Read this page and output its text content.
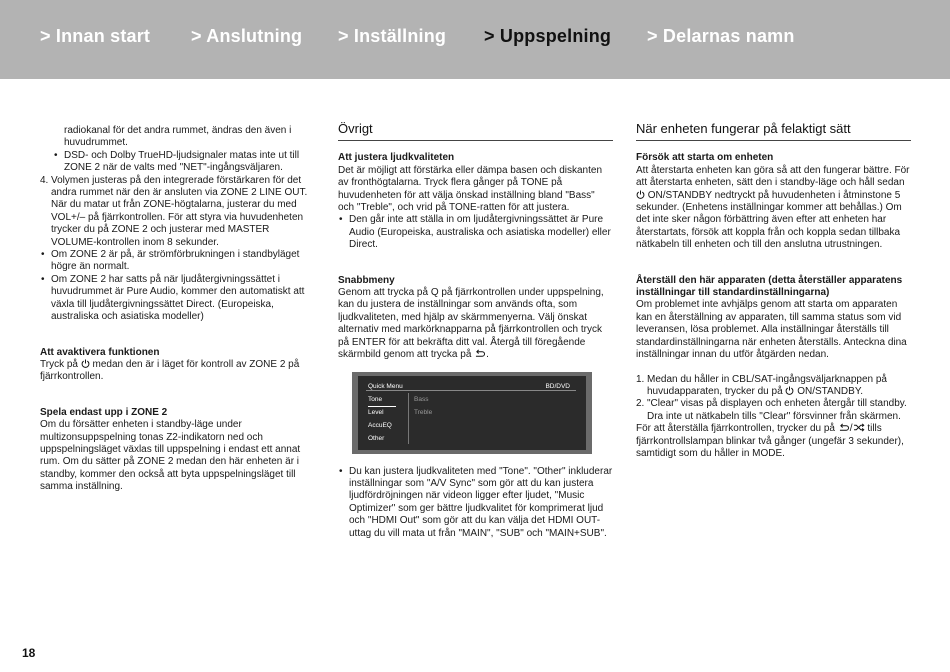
> Innan start > Anslutning > Inställning > Uppspelning > Delarnas namn

radiokanal för det andra rummet, ändras den även i huvudrummet.

• DSD- och Dolby TrueHD-ljudsignaler matas inte ut till ZONE 2 när de valts med "NET"-ingångsväljaren.

4. Volymen justeras på den integrerade förstärkaren för det andra rummet när den är ansluten via ZONE 2 LINE OUT. När du matar ut från ZONE-högtalarna, justerar du med VOL+/– på fjärrkontrollen. För att styra via huvudenheten trycker du på ZONE 2 och justerar med MASTER VOLUME-kontrollen inom 8 sekunder.

• Om ZONE 2 är på, är strömförbrukningen i standbyläget högre än normalt.

• Om ZONE 2 har satts på när ljudåtergivningssättet i huvudrummet är Pure Audio, kommer den automatiskt att växla till ljudåtergivningssättet Direct. (Europeiska, australiska och asiatiska modeller)

Att avaktivera funktionen

Tryck på medan den är i läget för kontroll av ZONE 2 på fjärrkontrollen.

Spela endast upp i ZONE 2

Om du försätter enheten i standby-läge under multizonsuppspelning tonas Z2-indikatorn ned och uppspelningsläget växlas till uppspelning i endast ett annat rum. Om du sätter på ZONE 2 medan den här enheten är i standby, kommer den också att byta uppspelningsläget till samma inställning.

Övrigt

Att justera ljudkvaliteten

Det är möjligt att förstärka eller dämpa basen och diskanten av fronthögtalarna. Tryck flera gånger på TONE på huvudenheten för att välja önskad inställning bland "Bass" och "Treble", och vrid på TONE-ratten för att justera.

• Den går inte att ställa in om ljudåtergivningssättet är Pure Audio (Europeiska, australiska och asiatiska modeller) eller Direct.

Snabbmeny

Genom att trycka på Q på fjärrkontrollen under uppspelning, kan du justera de inställningar som används ofta, som ljudkvaliteten, med hjälp av skärmmenyerna. Välj önskat alternativ med markörknapparna på fjärrkontrollen och tryck på ENTER för att bekräfta ditt val. Återgå till föregående skärmbild genom att trycka på .

Quick Menu	BD/DVD
Tone
Level
AccuEQ
Other
Bass
Treble

• Du kan justera ljudkvaliteten med "Tone". "Other" inkluderar inställningar som "A/V Sync" som gör att du kan justera ljudfördröjningen när videon ligger efter ljudet, "Music Optimizer" som ger bättre ljudkvalitet för komprimerat ljud och "HDMI Out" som gör att du kan välja det HDMI OUT-uttag du vill mata ut från "MAIN", "SUB" och "MAIN+SUB".

När enheten fungerar på felaktigt sätt

Försök att starta om enheten

Att återstarta enheten kan göra så att den fungerar bättre. För att återstarta enheten, sätt den i standby-läge och håll sedan  ON/STANDBY nedtryckt på huvudenheten i åtminstone 5 sekunder. (Enhetens inställningar kommer att behållas.) Om det inte sker någon förbättring även efter att enheten har återstartats, försök att koppla från och koppla sedan tillbaka nätkabeln till enheten och till den anslutna utrustningen.

Återställ den här apparaten (detta återställer apparatens inställningar till standardinställningarna)

Om problemet inte avhjälps genom att starta om apparaten kan en återställning av apparaten, till samma status som vid leveransen, lösa problemet. Alla inställningar återställs till standardinställningarna när enheten återställs. Anteckna dina inställningar innan du utför åtgärden nedan.

1. Medan du håller in CBL/SAT-ingångsväljarknappen på huvudapparaten, trycker du på ON/STANDBY.

2. "Clear" visas på displayen och enheten återgår till standby. Dra inte ut nätkabeln tills "Clear" försvinner från skärmen.

För att återställa fjärrkontrollen, trycker du på / tills fjärrkontrollslampan blinkar två gånger (ungefär 3 sekunder), samtidigt som du håller in MODE.

18
